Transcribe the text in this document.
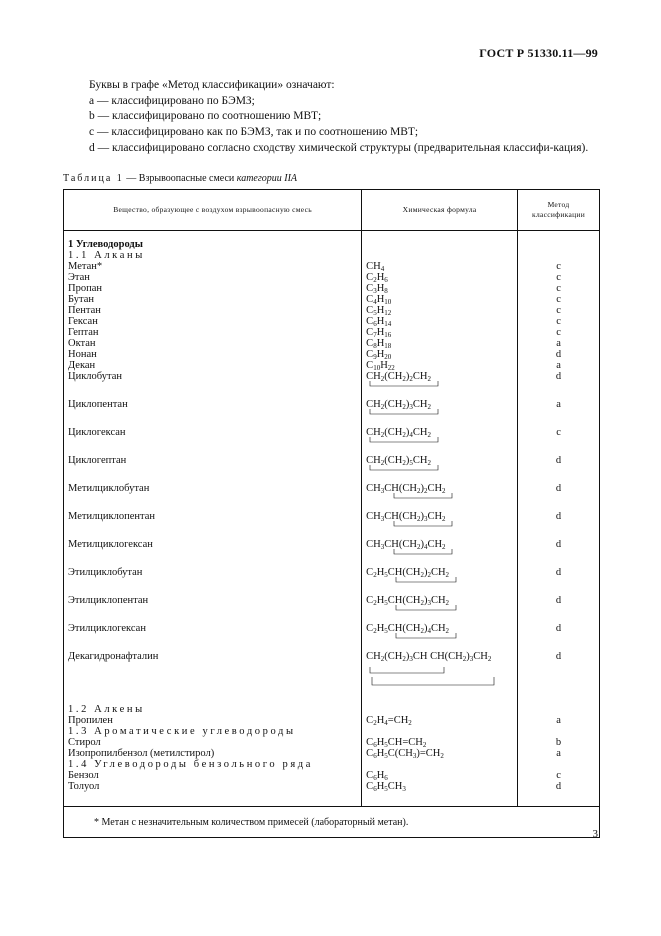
ГОСТ Р 51330.11—99

Буквы в графе «Метод классификации» означают:

а — классифицировано по БЭМЗ;

b — классифицировано по соотношению МВТ;

с — классифицировано как по БЭМЗ, так и по соотношению МВТ;

d — классифицировано согласно сходству химической структуры (предварительная классифи-кация).

Таблица 1 — Взрывоопасные смеси категории IIA
Вещество, образующее с воздухом взрывоопасную смесь	Химическая формула	Метод классификации

1 Углеводороды		
1.1 Алканы		
Метан*	$CH_4$	с
Этан	$C_2H_6$	с
Пропан	$C_3H_8$	с
Бутан	$C_4H_{10}$	с
Пентан	$C_5H_{12}$	с
Гексан	$C_6H_{14}$	с
Гептан	$C_7H_{16}$	с
Октан	$C_8H_{18}$	а
Нонан	$C_9H_{20}$	d
Декан	$C_{10}H_{22}$	а
Циклобутан	$CH_2(CH_2)_2CH_2$	d
Циклопентан	$CH_2(CH_2)_3CH_2$	а
Циклогексан	$CH_2(CH_2)_4CH_2$	с
Циклогептан	$CH_2(CH_2)_5CH_2$	d
Метилциклобутан	$CH_3CH(CH_2)_2CH_2$	d
Метилциклопентан	$CH_3CH(CH_2)_3CH_2$	d
Метилциклогексан	$CH_3CH(CH_2)_4CH_2$	d
Этилциклобутан	$C_2H_5CH(CH_2)_2CH_2$	d
Этилциклопентан	$C_2H_5CH(CH_2)_3CH_2$	d
Этилциклогексан	$C_2H_5CH(CH_2)_4CH_2$	d
Декагидронафталин	$CH_2(CH_2)_3CH$ $CH(CH_2)_3CH_2$	d

1.2 Алкены		
Пропилен	$C_2H_4=CH_2$	а
1.3 Ароматические углеводороды		
Стирол	$C_6H_5CH=CH_2$	b
Изопропилбензол (метилстирол)	$C_6H_5C(CH_3)=CH_2$	а
1.4 Углеводороды бензольного ряда		
Бензол	$C_6H_6$	с
Толуол	$C_6H_5CH_3$	d

* Метан с незначительным количеством примесей (лабораторный метан).		
3
